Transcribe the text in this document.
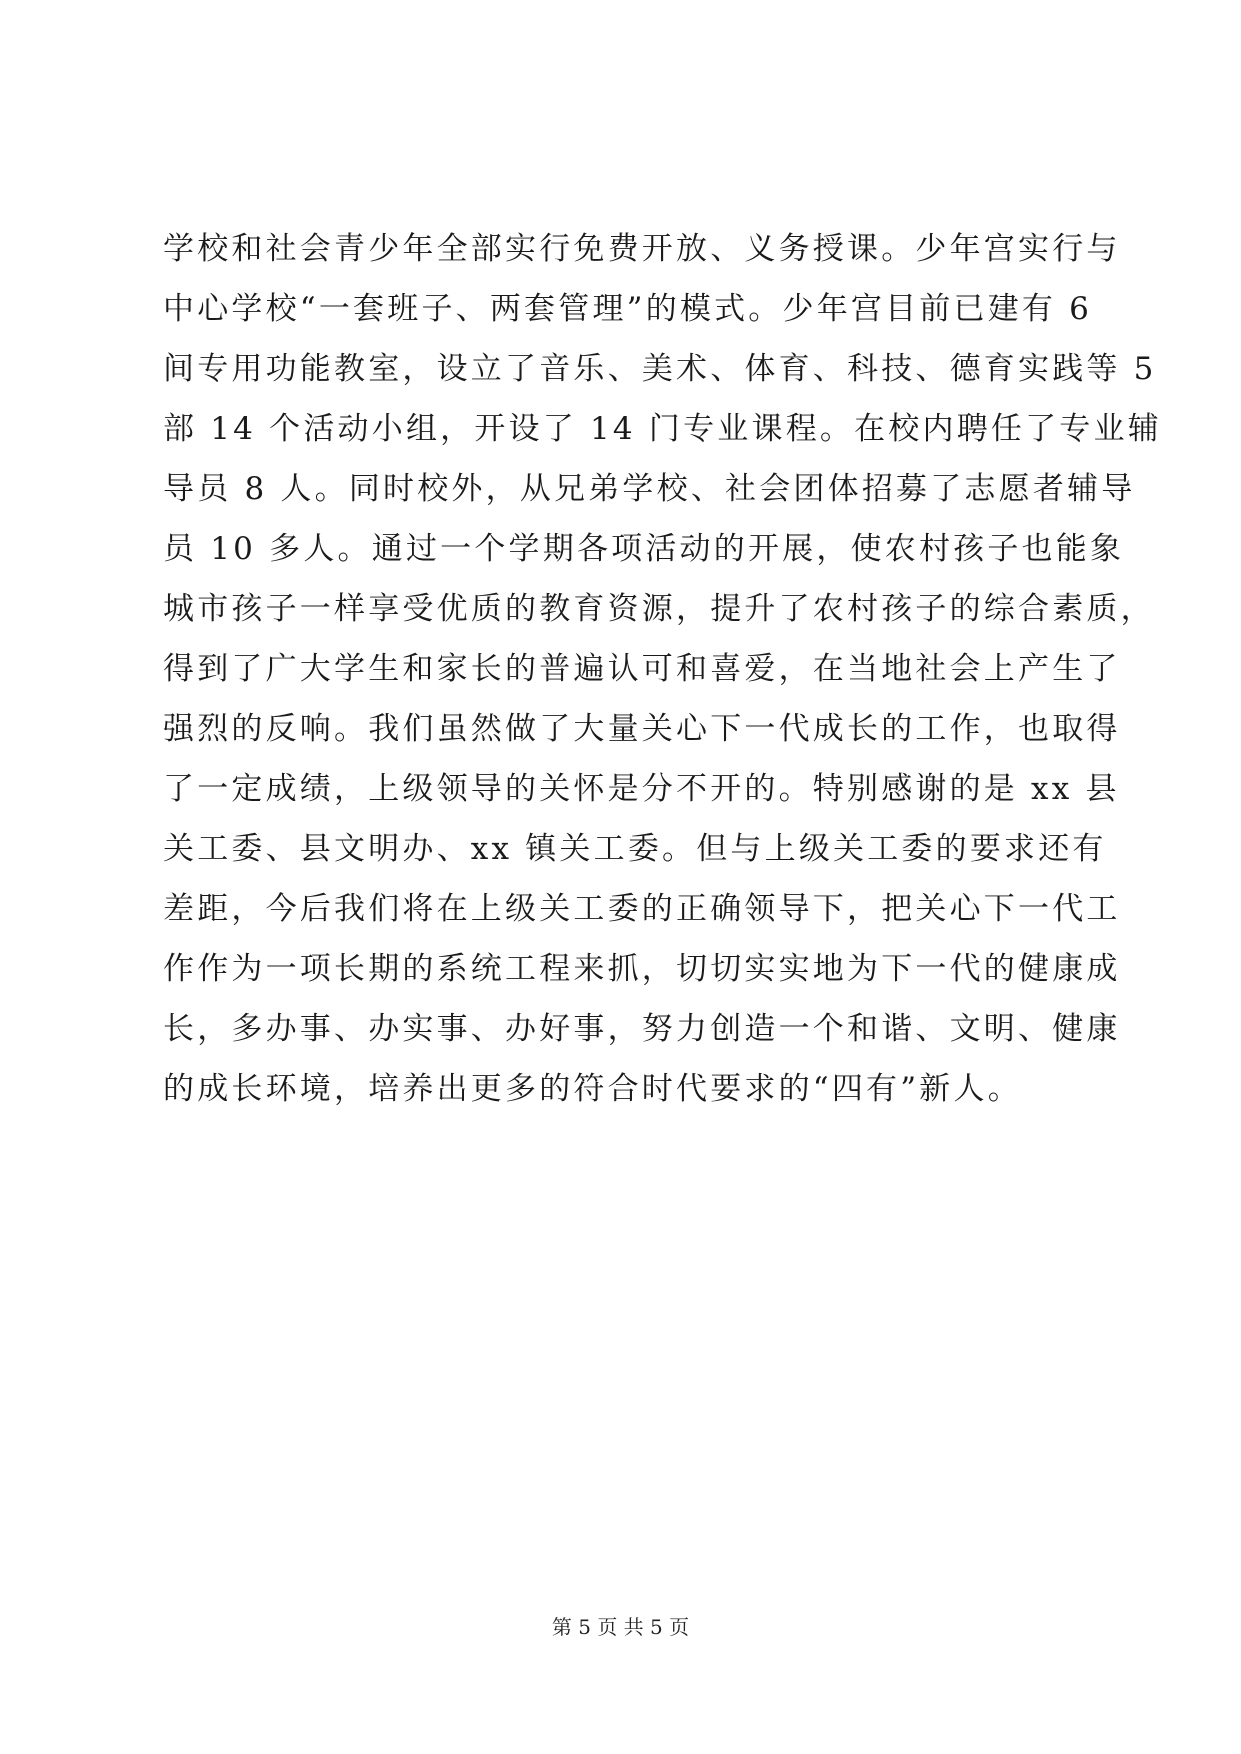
学校和社会青少年全部实行免费开放、义务授课。少年宫实行与
中心学校“一套班子、两套管理”的模式。少年宫目前已建有 6
间专用功能教室，设立了音乐、美术、体育、科技、德育实践等 5
部 14 个活动小组，开设了 14 门专业课程。在校内聘任了专业辅
导员 8 人。同时校外，从兄弟学校、社会团体招募了志愿者辅导
员 10 多人。通过一个学期各项活动的开展，使农村孩子也能象
城市孩子一样享受优质的教育资源，提升了农村孩子的综合素质，
得到了广大学生和家长的普遍认可和喜爱，在当地社会上产生了
强烈的反响。我们虽然做了大量关心下一代成长的工作，也取得
了一定成绩，上级领导的关怀是分不开的。特别感谢的是 xx 县
关工委、县文明办、xx 镇关工委。但与上级关工委的要求还有
差距，今后我们将在上级关工委的正确领导下，把关心下一代工
作作为一项长期的系统工程来抓，切切实实地为下一代的健康成
长，多办事、办实事、办好事，努力创造一个和谐、文明、健康
的成长环境，培养出更多的符合时代要求的“四有”新人。
第 5 页 共 5 页
